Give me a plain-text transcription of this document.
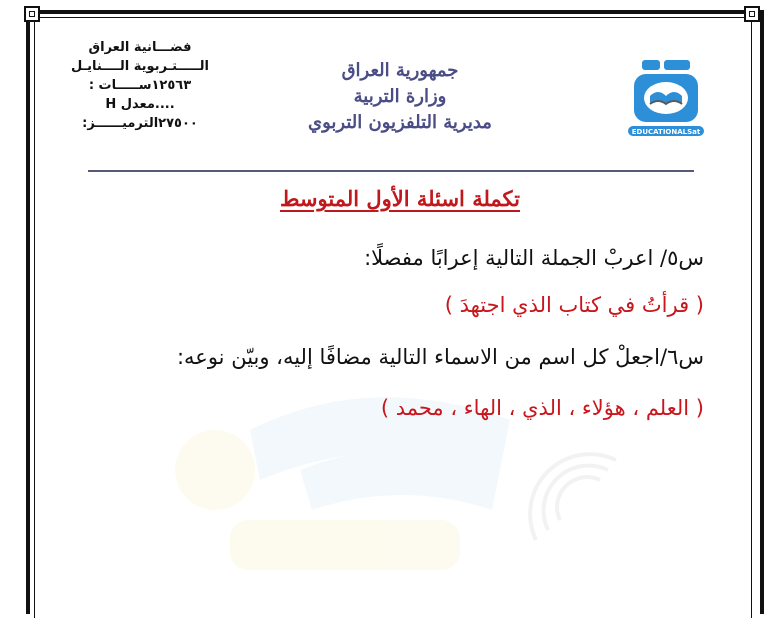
فضـــانية العراق
الـــــتـربوية الــــنايـل
١٢٥٦٣ســـــات :
....معدل H
٢٧٥٠٠الترميــــــز:
جمهورية العراق
وزارة التربية
مديرية التلفزيون التربوي	EDUCATIONALSat
تكملة اسئلة الأول المتوسط
س٥/ اعربْ الجملة التالية إعرابًا مفصلًا:
( قرأتُ في كتاب الذي اجتهدَ )
س٦/اجعلْ كل اسم من الاسماء التالية مضافًا إليه، وبيّن نوعه:
( العلم ، هؤلاء ، الذي ، الهاء ، محمد )
